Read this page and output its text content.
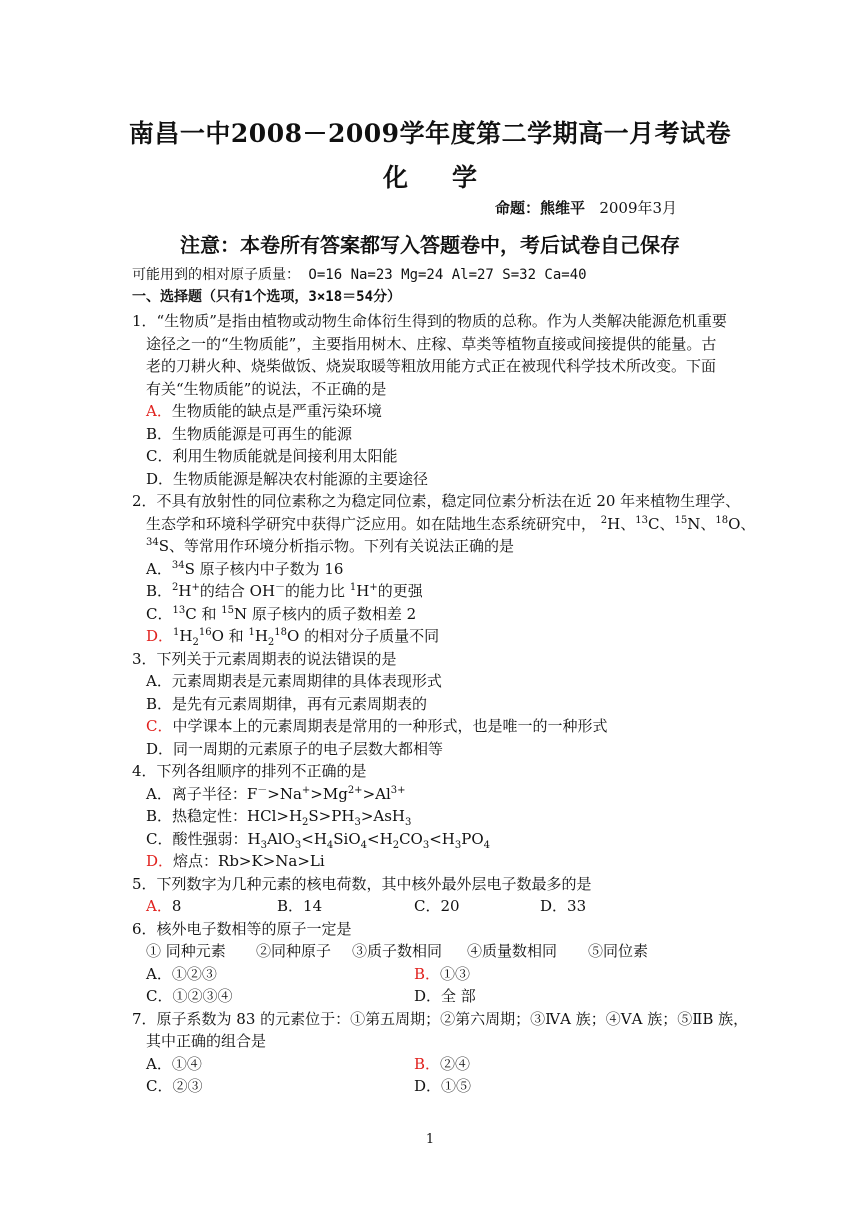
南昌一中2008－2009学年度第二学期高一月考试卷
化 学
命题：熊维平 2009年3月
注意：本卷所有答案都写入答题卷中，考后试卷自己保存
可能用到的相对原子质量： O=16 Na=23 Mg=24 Al=27 S=32 Ca=40
一、选择题（只有1个选项，3×18＝54分）
1．“生物质”是指由植物或动物生命体衍生得到的物质的总称。作为人类解决能源危机重要
途径之一的“生物质能”，主要指用树木、庄稼、草类等植物直接或间接提供的能量。古
老的刀耕火种、烧柴做饭、烧炭取暖等粗放用能方式正在被现代科学技术所改变。下面
有关“生物质能”的说法，不正确的是
A．生物质能的缺点是严重污染环境
B．生物质能源是可再生的能源
C．利用生物质能就是间接利用太阳能
D．生物质能源是解决农村能源的主要途径
2．不具有放射性的同位素称之为稳定同位素，稳定同位素分析法在近 20 年来植物生理学、
生态学和环境科学研究中获得广泛应用。如在陆地生态系统研究中， $^2$H、$^{13}$C、$^{15}$N、$^{18}$O、
$^{34}$S、等常用作环境分析指示物。下列有关说法正确的是
A．$^{34}$S 原子核内中子数为 16
B．$^2$H+的结合 OH－的能力比 $^1$H+的更强
C．$^{13}$C 和 $^{15}$N 原子核内的质子数相差 2
D．$^1H_2^{16}O$ 和 $^1H_2^{18}O$ 的相对分子质量不同
3．下列关于元素周期表的说法错误的是
A．元素周期表是元素周期律的具体表现形式
B．是先有元素周期律，再有元素周期表的
C．中学课本上的元素周期表是常用的一种形式，也是唯一的一种形式
D．同一周期的元素原子的电子层数大都相等
4．下列各组顺序的排列不正确的是
A．离子半径：$F^->Na^+>Mg^{2+}>Al^{3+}$
B．热稳定性：$HCl>H_2S>PH_3>AsH_3$
C．酸性强弱：$H_3AlO_3<H_4SiO_4<H_2CO_3<H_3PO_4$
D．熔点：Rb>K>Na>Li
5．下列数字为几种元素的核电荷数，其中核外最外层电子数最多的是
A．8	B．14	C．20	D．33
6．核外电子数相等的原子一定是
① 同种元素 ②同种原子 ③质子数相同 ④质量数相同 ⑤同位素
A．①②③	B．①③
C．①②③④	D．全 部
7．原子系数为 83 的元素位于：①第五周期；②第六周期；③ⅣA 族；④ⅤA 族；⑤ⅡB 族，
其中正确的组合是
A．①④	B．②④
C．②③	D．①⑤
1
